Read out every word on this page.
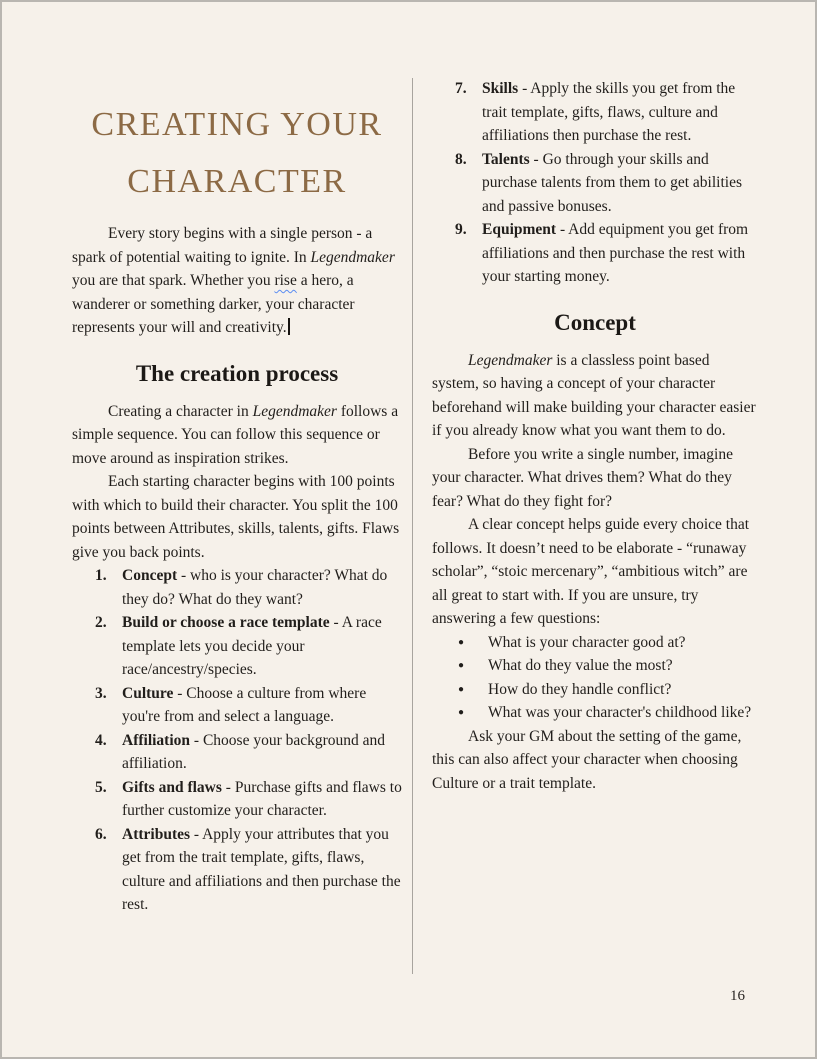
CREATING YOUR
CHARACTER

Every story begins with a single person - a spark of potential waiting to ignite. In Legendmaker you are that spark. Whether you rise a hero, a wanderer or something darker, your character represents your will and creativity.

The creation process

Creating a character in Legendmaker follows a simple sequence. You can follow this sequence or move around as inspiration strikes.

Each starting character begins with 100 points with which to build their character. You split the 100 points between Attributes, skills, talents, gifts. Flaws give you back points.

1. Concept - who is your character? What do they do? What do they want?
2. Build or choose a race template - A race template lets you decide your race/ancestry/species.
3. Culture - Choose a culture from where you're from and select a language.
4. Affiliation - Choose your background and affiliation.
5. Gifts and flaws - Purchase gifts and flaws to further customize your character.
6. Attributes - Apply your attributes that you get from the trait template, gifts, flaws, culture and affiliations and then purchase the rest.
7. Skills - Apply the skills you get from the trait template, gifts, flaws, culture and affiliations then purchase the rest.
8. Talents - Go through your skills and purchase talents from them to get abilities and passive bonuses.
9. Equipment - Add equipment you get from affiliations and then purchase the rest with your starting money.
Concept

Legendmaker is a classless point based system, so having a concept of your character beforehand will make building your character easier if you already know what you want them to do.

Before you write a single number, imagine your character. What drives them? What do they fear? What do they fight for?

A clear concept helps guide every choice that follows. It doesn’t need to be elaborate - “runaway scholar”, “stoic mercenary”, “ambitious witch” are all great to start with. If you are unsure, try answering a few questions:

●	What is your character good at?
●	What do they value the most?
●	How do they handle conflict?
●	What was your character's childhood like?

Ask your GM about the setting of the game, this can also affect your character when choosing Culture or a trait template.

16
